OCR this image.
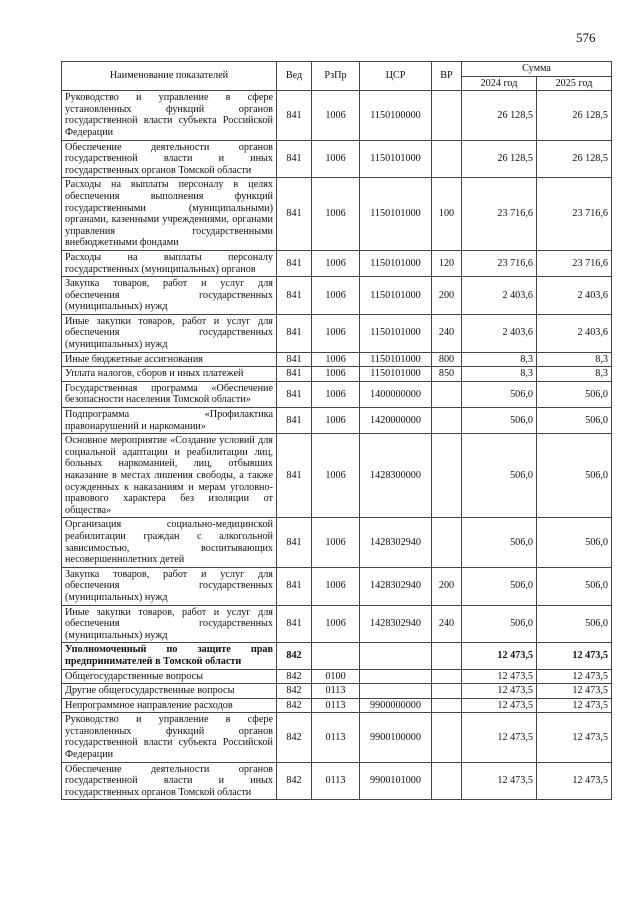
576
Наименование показателей	Вед	РзПр	ЦСР	ВР	Сумма	
					2024 год	2025 год
Руководство и управление в сфере установленных функций органов государственной власти субъекта Российской Федерации	841	1006	1150100000		26 128,5	26 128,5
Обеспечение деятельности органов государственной власти и иных государственных органов Томской области	841	1006	1150101000		26 128,5	26 128,5
Расходы на выплаты персоналу в целях обеспечения выполнения функций государственными (муниципальными) органами, казенными учреждениями, органами управления государственными внебюджетными фондами	841	1006	1150101000	100	23 716,6	23 716,6
Расходы на выплаты персоналу государственных (муниципальных) органов	841	1006	1150101000	120	23 716,6	23 716,6
Закупка товаров, работ и услуг для обеспечения государственных (муниципальных) нужд	841	1006	1150101000	200	2 403,6	2 403,6
Иные закупки товаров, работ и услуг для обеспечения государственных (муниципальных) нужд	841	1006	1150101000	240	2 403,6	2 403,6
Иные бюджетные ассигнования	841	1006	1150101000	800	8,3	8,3
Уплата налогов, сборов и иных платежей	841	1006	1150101000	850	8,3	8,3
Государственная программа «Обеспечение безопасности населения Томской области»	841	1006	1400000000		506,0	506,0
Подпрограмма «Профилактика правонарушений и наркомании»	841	1006	1420000000		506,0	506,0
Основное мероприятие «Создание условий для социальной адаптации и реабилитации лиц, больных наркоманией, лиц, отбывших наказание в местах лишения свободы, а также осужденных к наказаниям и мерам уголовно-правового характера без изоляции от общества»	841	1006	1428300000		506,0	506,0
Организация социально-медицинской реабилитации граждан с алкогольной зависимостью, воспитывающих несовершеннолетних детей	841	1006	1428302940		506,0	506,0
Закупка товаров, работ и услуг для обеспечения государственных (муниципальных) нужд	841	1006	1428302940	200	506,0	506,0
Иные закупки товаров, работ и услуг для обеспечения государственных (муниципальных) нужд	841	1006	1428302940	240	506,0	506,0
Уполномоченный по защите прав предпринимателей в Томской области	842				12 473,5	12 473,5
Общегосударственные вопросы	842	0100			12 473,5	12 473,5
Другие общегосударственные вопросы	842	0113			12 473,5	12 473,5
Непрограммное направление расходов	842	0113	9900000000		12 473,5	12 473,5
Руководство и управление в сфере установленных функций органов государственной власти субъекта Российской Федерации	842	0113	9900100000		12 473,5	12 473,5
Обеспечение деятельности органов государственной власти и иных государственных органов Томской области	842	0113	9900101000		12 473,5	12 473,5
